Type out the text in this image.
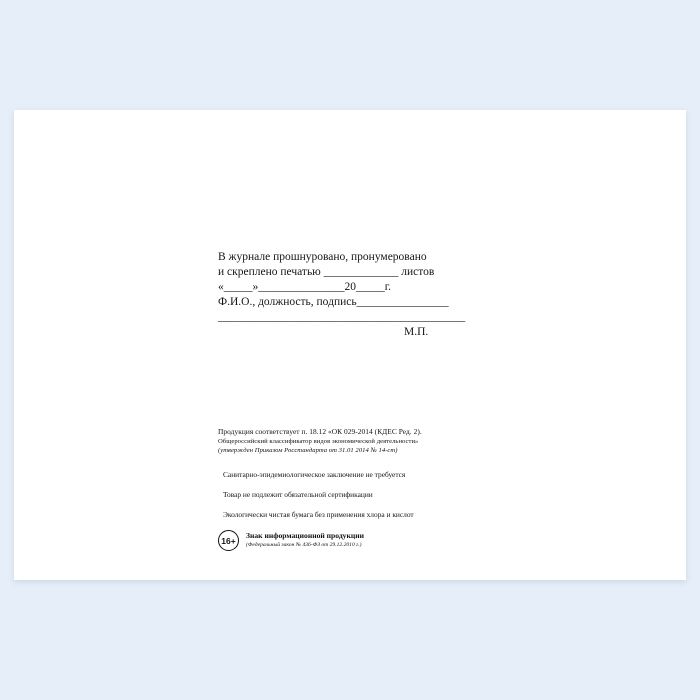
В журнале прошнуровано, пронумеровано
и скреплено печатью _____________ листов
«_____»_______________20_____г.
Ф.И.О., должность, подпись________________
___________________________________________
М.П.
Продукция соответствует п. 18.12 «ОК 029-2014 (КДЕС Ред. 2).
Общероссийский классификатор видов экономической деятельности»
(утвержден Приказом Росстандарта от 31.01 2014 № 14-ст)
Санитарно-эпидемиологическое заключение не требуется
Товар не подлежит обязательной сертификации
Экологически чистая бумага без применения хлора и кислот
16+
Знак информационной продукции
(Федеральный закон № 436-ФЗ от 29.12.2010 г.)
